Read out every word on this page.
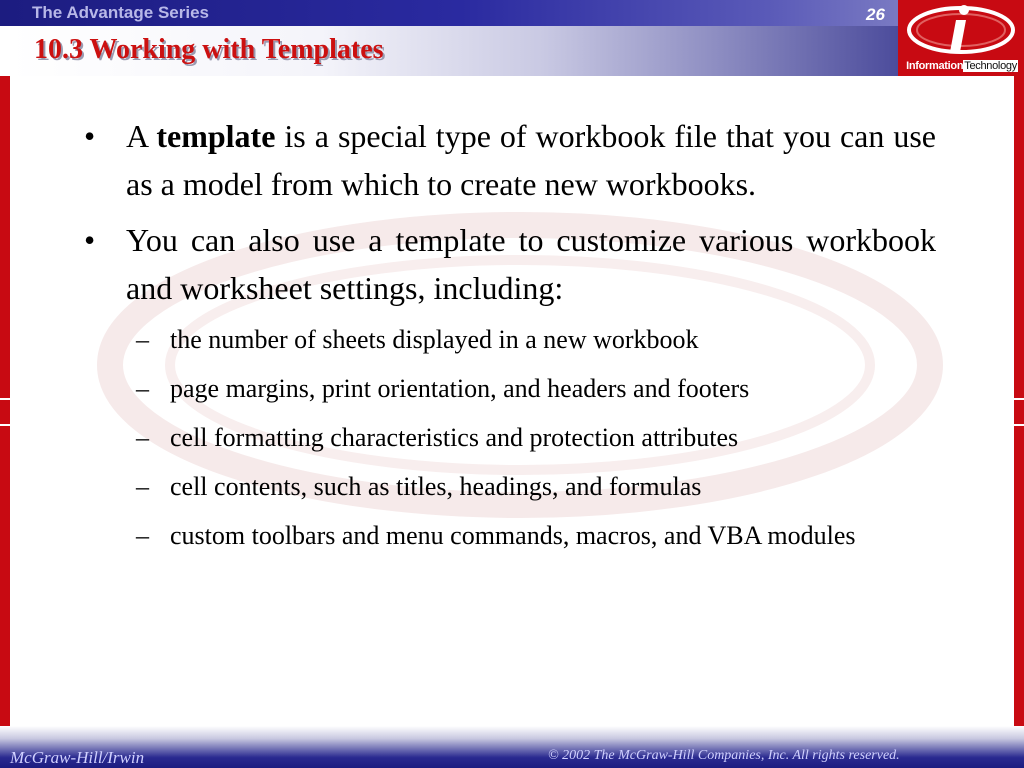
The Advantage Series	26
10.3 Working with Templates
InformationTechnology
• A template is a special type of workbook file that you can use as a model from which to create new workbooks.
• You can also use a template to customize various workbook and worksheet settings, including:
– the number of sheets displayed in a new workbook
– page margins, print orientation, and headers and footers
– cell formatting characteristics and protection attributes
– cell contents, such as titles, headings, and formulas
– custom toolbars and menu commands, macros, and VBA modules
McGraw-Hill/Irwin	© 2002 The McGraw-Hill Companies, Inc. All rights reserved.
